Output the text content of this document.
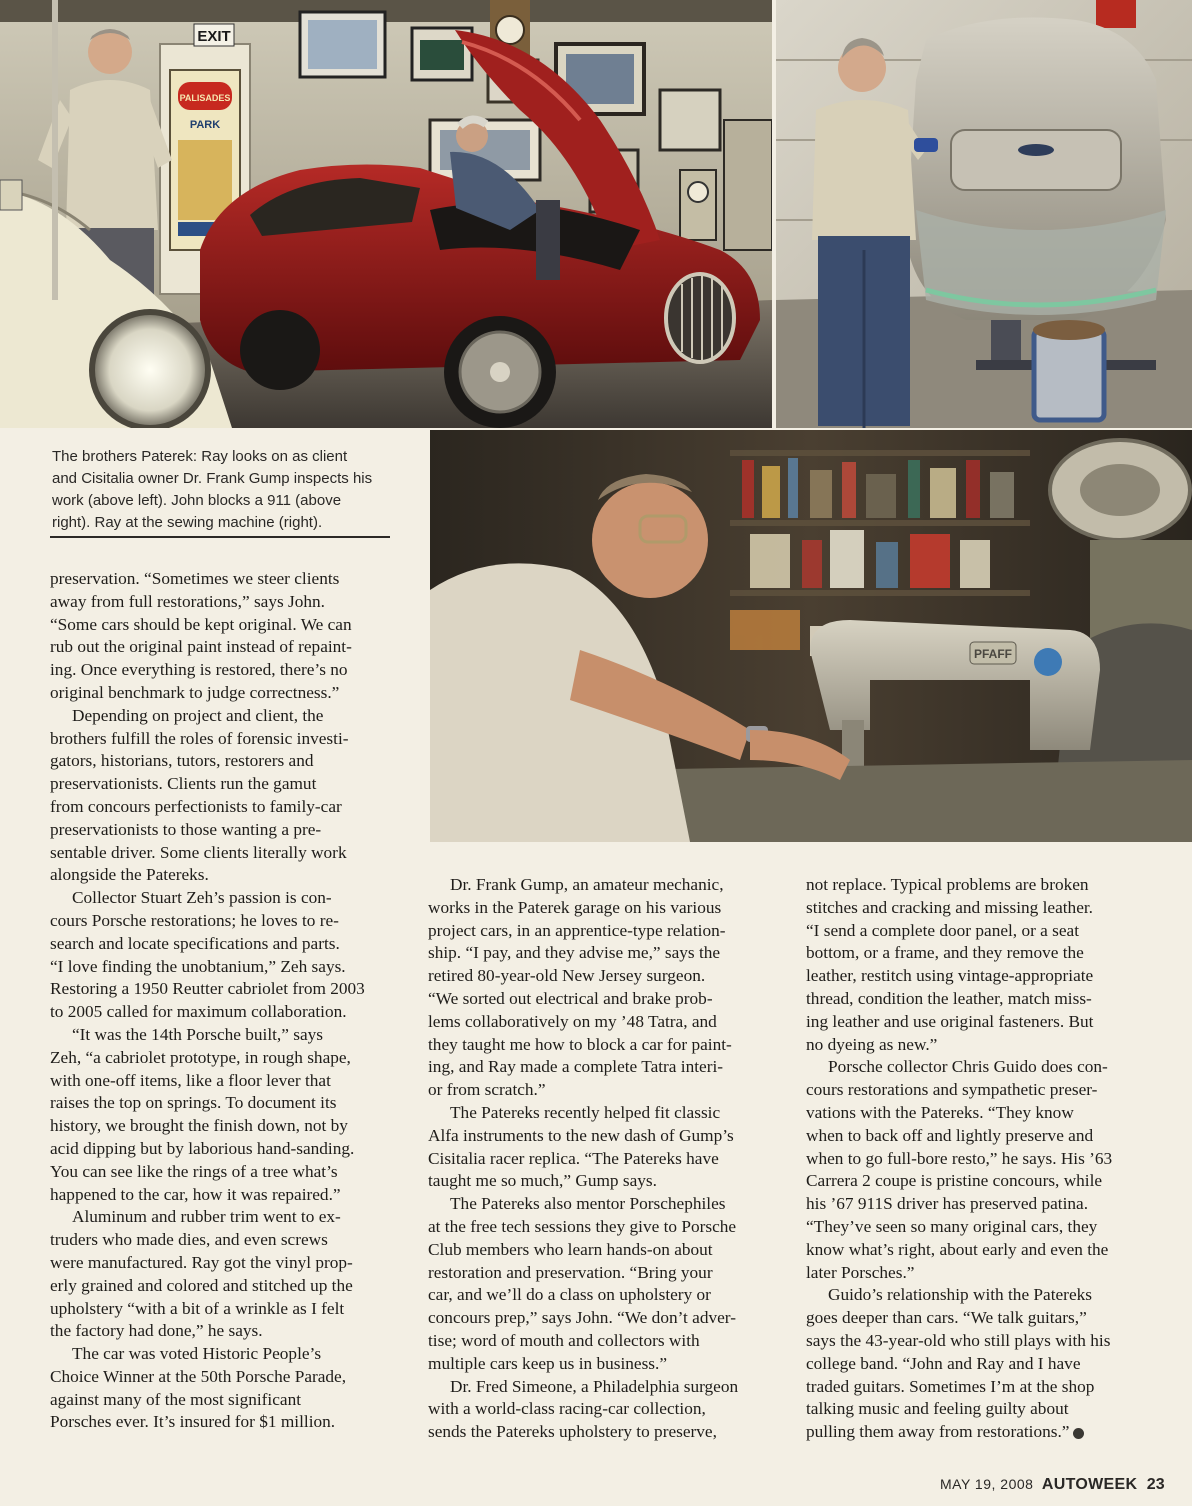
EXIT
PALISADES
PARK
PFAFF
The brothers Paterek: Ray looks on as client
and Cisitalia owner Dr. Frank Gump inspects his
work (above left). John blocks a 911 (above
right). Ray at the sewing machine (right).

preservation. “Sometimes we steer clients
away from full restorations,” says John.
“Some cars should be kept original. We can
rub out the original paint instead of repaint-
ing. Once everything is restored, there’s no
original benchmark to judge correctness.”

Depending on project and client, the
brothers fulfill the roles of forensic investi-
gators, historians, tutors, restorers and
preservationists. Clients run the gamut
from concours perfectionists to family-car
preservationists to those wanting a pre-
sentable driver. Some clients literally work
alongside the Patereks.

Collector Stuart Zeh’s passion is con-
cours Porsche restorations; he loves to re-
search and locate specifications and parts.
“I love finding the unobtanium,” Zeh says.
Restoring a 1950 Reutter cabriolet from 2003
to 2005 called for maximum collaboration.

“It was the 14th Porsche built,” says
Zeh, “a cabriolet prototype, in rough shape,
with one-off items, like a floor lever that
raises the top on springs. To document its
history, we brought the finish down, not by
acid dipping but by laborious hand-sanding.
You can see like the rings of a tree what’s
happened to the car, how it was repaired.”

Aluminum and rubber trim went to ex-
truders who made dies, and even screws
were manufactured. Ray got the vinyl prop-
erly grained and colored and stitched up the
upholstery “with a bit of a wrinkle as I felt
the factory had done,” he says.

The car was voted Historic People’s
Choice Winner at the 50th Porsche Parade,
against many of the most significant
Porsches ever. It’s insured for $1 million.

Dr. Frank Gump, an amateur mechanic,
works in the Paterek garage on his various
project cars, in an apprentice-type relation-
ship. “I pay, and they advise me,” says the
retired 80-year-old New Jersey surgeon.
“We sorted out electrical and brake prob-
lems collaboratively on my ’48 Tatra, and
they taught me how to block a car for paint-
ing, and Ray made a complete Tatra interi-
or from scratch.”

The Patereks recently helped fit classic
Alfa instruments to the new dash of Gump’s
Cisitalia racer replica. “The Patereks have
taught me so much,” Gump says.

The Patereks also mentor Porschephiles
at the free tech sessions they give to Porsche
Club members who learn hands-on about
restoration and preservation. “Bring your
car, and we’ll do a class on upholstery or
concours prep,” says John. “We don’t adver-
tise; word of mouth and collectors with
multiple cars keep us in business.”

Dr. Fred Simeone, a Philadelphia surgeon
with a world-class racing-car collection,
sends the Patereks upholstery to preserve,

not replace. Typical problems are broken
stitches and cracking and missing leather.
“I send a complete door panel, or a seat
bottom, or a frame, and they remove the
leather, restitch using vintage-appropriate
thread, condition the leather, match miss-
ing leather and use original fasteners. But
no dyeing as new.”

Porsche collector Chris Guido does con-
cours restorations and sympathetic preser-
vations with the Patereks. “They know
when to back off and lightly preserve and
when to go full-bore resto,” he says. His ’63
Carrera 2 coupe is pristine concours, while
his ’67 911S driver has preserved patina.
“They’ve seen so many original cars, they
know what’s right, about early and even the
later Porsches.”

Guido’s relationship with the Patereks
goes deeper than cars. “We talk guitars,”
says the 43-year-old who still plays with his
college band. “John and Ray and I have
traded guitars. Sometimes I’m at the shop
talking music and feeling guilty about
pulling them away from restorations.”

MAY 19, 2008 AUTOWEEK 23
